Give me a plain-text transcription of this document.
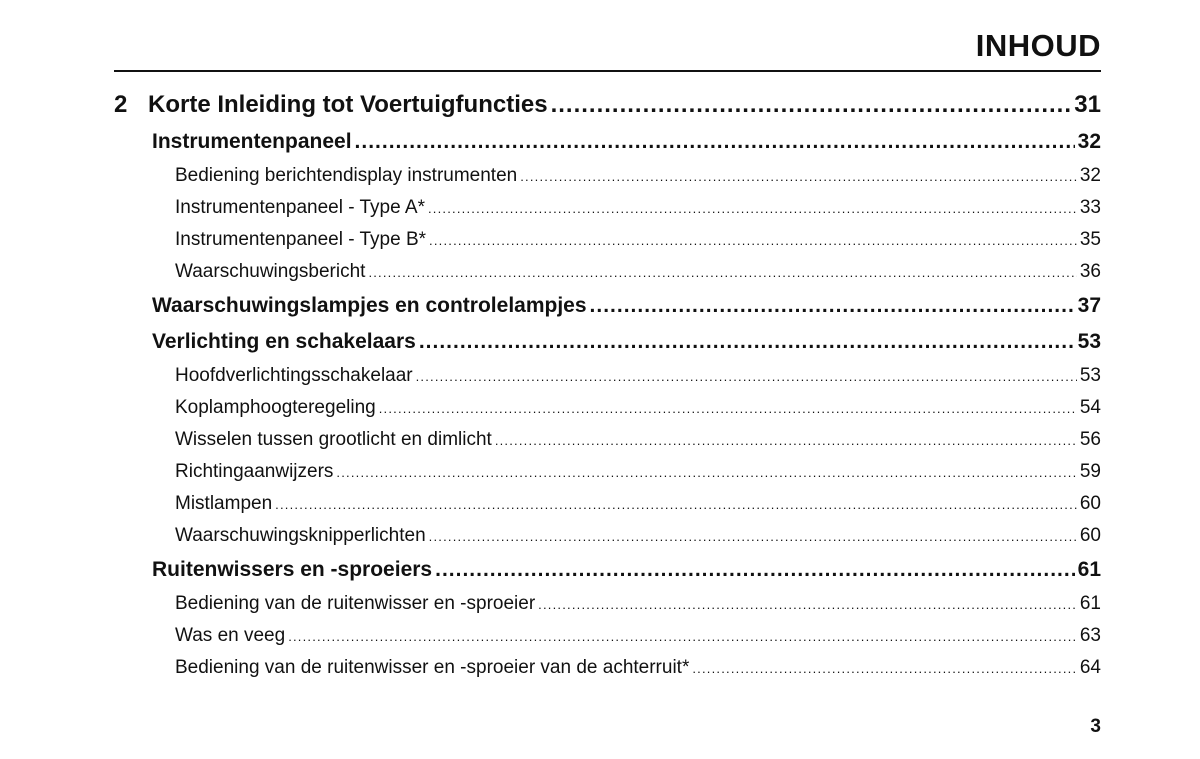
INHOUD
2 Korte Inleiding tot Voertuigfuncties .....	31
Instrumentenpaneel .....	32
Bediening berichtendisplay instrumenten .....	32
Instrumentenpaneel - Type A* .....	33
Instrumentenpaneel - Type B* .....	35
Waarschuwingsbericht .....	36
Waarschuwingslampjes en controlelampjes .....	37
Verlichting en schakelaars .....	53
Hoofdverlichtingsschakelaar .....	53
Koplamphoogteregeling .....	54
Wisselen tussen grootlicht en dimlicht .....	56
Richtingaanwijzers .....	59
Mistlampen .....	60
Waarschuwingsknipperlichten .....	60
Ruitenwissers en -sproeiers .....	61
Bediening van de ruitenwisser en -sproeier .....	61
Was en veeg .....	63
Bediening van de ruitenwisser en -sproeier van de achterruit* .....	64
3
